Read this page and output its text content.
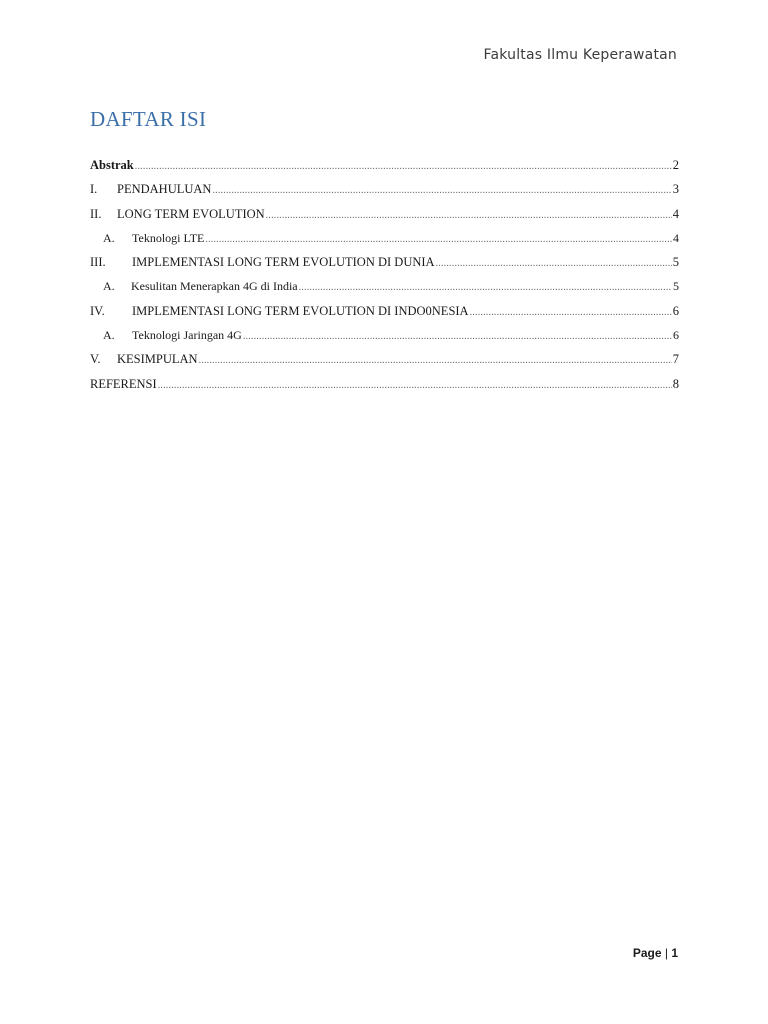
Fakultas Ilmu Keperawatan
DAFTAR ISI
Abstrak .....	2
I.	PENDAHULUAN .....	3
II.	LONG TERM EVOLUTION .....	4
A.	Teknologi LTE .....	4
III.	IMPLEMENTASI LONG TERM EVOLUTION DI DUNIA .....	5
A.	Kesulitan Menerapkan 4G di India .....	5
IV.	IMPLEMENTASI LONG TERM EVOLUTION DI INDO0NESIA .....	6
A.	Teknologi Jaringan 4G .....	6
V.	KESIMPULAN .....	7
REFERENSI .....	8
Page | 1
